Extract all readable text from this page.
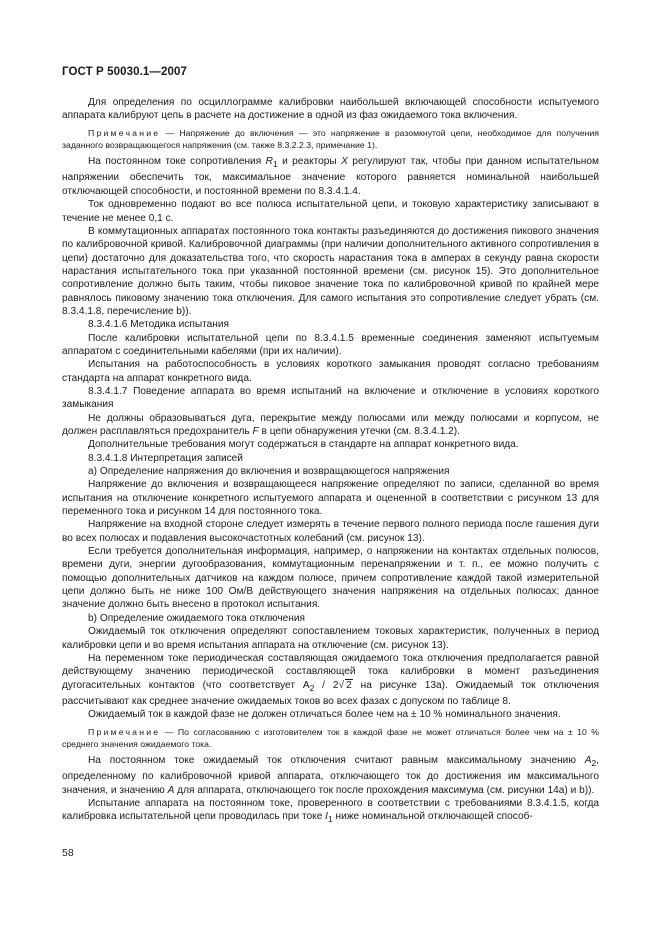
ГОСТ Р 50030.1—2007

Для определения по осциллограмме калибровки наибольшей включающей способности испытуемого аппарата калибруют цепь в расчете на достижение в одной из фаз ожидаемого тока включения.

Примечание — Напряжение до включения — это напряжение в разомкнутой цепи, необходимое для получения заданного возвращающегося напряжения (см. также 8.3.2.2.3, примечание 1).

На постоянном токе сопротивления $R_1$ и реакторы X регулируют так, чтобы при данном испытательном напряжении обеспечить ток, максимальное значение которого равняется номинальной наибольшей отключающей способности, и постоянной времени по 8.3.4.1.4.

Ток одновременно подают во все полюса испытательной цепи, и токовую характеристику записывают в течение не менее 0,1 с.

В коммутационных аппаратах постоянного тока контакты разъединяются до достижения пикового значения по калибровочной кривой. Калибровочной диаграммы (при наличии дополнительного активного сопротивления в цепи) достаточно для доказательства того, что скорость нарастания тока в амперах в секунду равна скорости нарастания испытательного тока при указанной постоянной времени (см. рисунок 15). Это дополнительное сопротивление должно быть таким, чтобы пиковое значение тока по калибровочной кривой по крайней мере равнялось пиковому значению тока отключения. Для самого испытания это сопротивление следует убрать (см. 8.3.4.1.8, перечисление b)).

8.3.4.1.6 Методика испытания

После калибровки испытательной цепи по 8.3.4.1.5 временные соединения заменяют испытуемым аппаратом с соединительными кабелями (при их наличии).

Испытания на работоспособность в условиях короткого замыкания проводят согласно требованиям стандарта на аппарат конкретного вида.

8.3.4.1.7 Поведение аппарата во время испытаний на включение и отключение в условиях короткого замыкания

Не должны образовываться дуга, перекрытие между полюсами или между полюсами и корпусом, не должен расплавляться предохранитель F в цепи обнаружения утечки (см. 8.3.4.1.2).

Дополнительные требования могут содержаться в стандарте на аппарат конкретного вида.

8.3.4.1.8 Интерпретация записей

а) Определение напряжения до включения и возвращающегося напряжения

Напряжение до включения и возвращающееся напряжение определяют по записи, сделанной во время испытания на отключение конкретного испытуемого аппарата и оцененной в соответствии с рисунком 13 для переменного тока и рисунком 14 для постоянного тока.

Напряжение на входной стороне следует измерять в течение первого полного периода после гашения дуги во всех полюсах и подавления высокочастотных колебаний (см. рисунок 13).

Если требуется дополнительная информация, например, о напряжении на контактах отдельных полюсов, времени дуги, энергии дугообразования, коммутационным перенапряжении и т. п., ее можно получить с помощью дополнительных датчиков на каждом полюсе, причем сопротивление каждой такой измерительной цепи должно быть не ниже 100 Ом/В действующего значения напряжения на отдельных полюсах; данное значение должно быть внесено в протокол испытания.

b) Определение ожидаемого тока отключения

Ожидаемый ток отключения определяют сопоставлением токовых характеристик, полученных в период калибровки цепи и во время испытания аппарата на отключение (см. рисунок 13).

На переменном токе периодическая составляющая ожидаемого тока отключения предполагается равной действующему значению периодической составляющей тока калибровки в момент разъединения дугогасительных контактов (что соответствует $А_2 / 2√$ 2 на рисунке 13а). Ожидаемый ток отключения рассчитывают как среднее значение ожидаемых токов во всех фазах с допуском по таблице 8.

Ожидаемый ток в каждой фазе не должен отличаться более чем на ± 10 % номинального значения.

Примечание — По согласованию с изготовителем ток в каждой фазе не может отличаться более чем на ± 10 % среднего значения ожидаемого тока.

На постоянном токе ожидаемый ток отключения считают равным максимальному значению $A_2$, определенному по калибровочной кривой аппарата, отключающего ток до достижения им максимального значения, и значению A для аппарата, отключающего ток после прохождения максимума (см. рисунки 14а) и b)).

Испытание аппарата на постоянном токе, проверенного в соответствии с требованиями 8.3.4.1.5, когда калибровка испытательной цепи проводилась при токе $I_1$ ниже номинальной отключающей способ-

58
